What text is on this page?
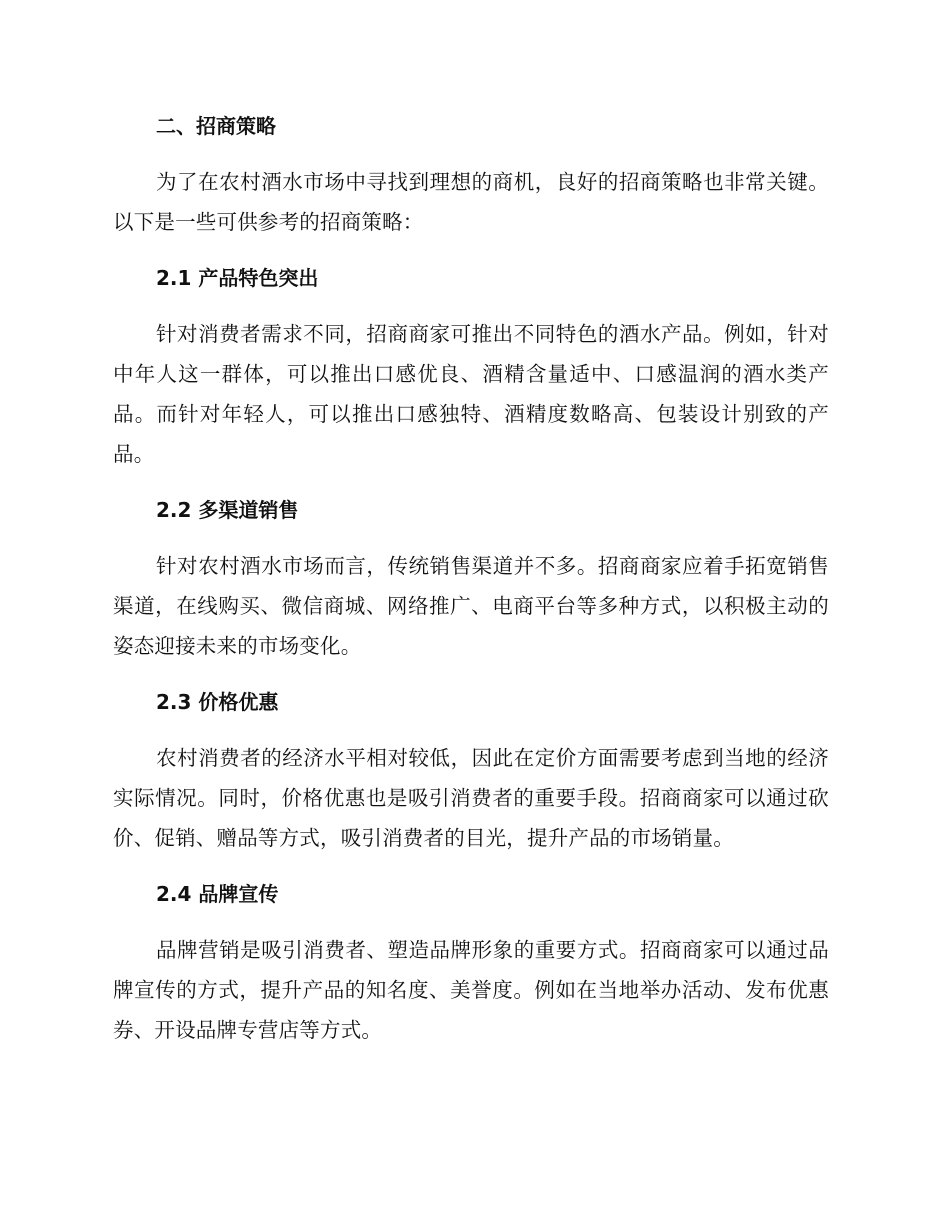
二、招商策略

为了在农村酒水市场中寻找到理想的商机，良好的招商策略也非常关键。以下是一些可供参考的招商策略：

2.1 产品特色突出

针对消费者需求不同，招商商家可推出不同特色的酒水产品。例如，针对中年人这一群体，可以推出口感优良、酒精含量适中、口感温润的酒水类产品。而针对年轻人，可以推出口感独特、酒精度数略高、包装设计别致的产品。

2.2 多渠道销售

针对农村酒水市场而言，传统销售渠道并不多。招商商家应着手拓宽销售渠道，在线购买、微信商城、网络推广、电商平台等多种方式，以积极主动的姿态迎接未来的市场变化。

2.3 价格优惠

农村消费者的经济水平相对较低，因此在定价方面需要考虑到当地的经济实际情况。同时，价格优惠也是吸引消费者的重要手段。招商商家可以通过砍价、促销、赠品等方式，吸引消费者的目光，提升产品的市场销量。

2.4 品牌宣传

品牌营销是吸引消费者、塑造品牌形象的重要方式。招商商家可以通过品牌宣传的方式，提升产品的知名度、美誉度。例如在当地举办活动、发布优惠券、开设品牌专营店等方式。
